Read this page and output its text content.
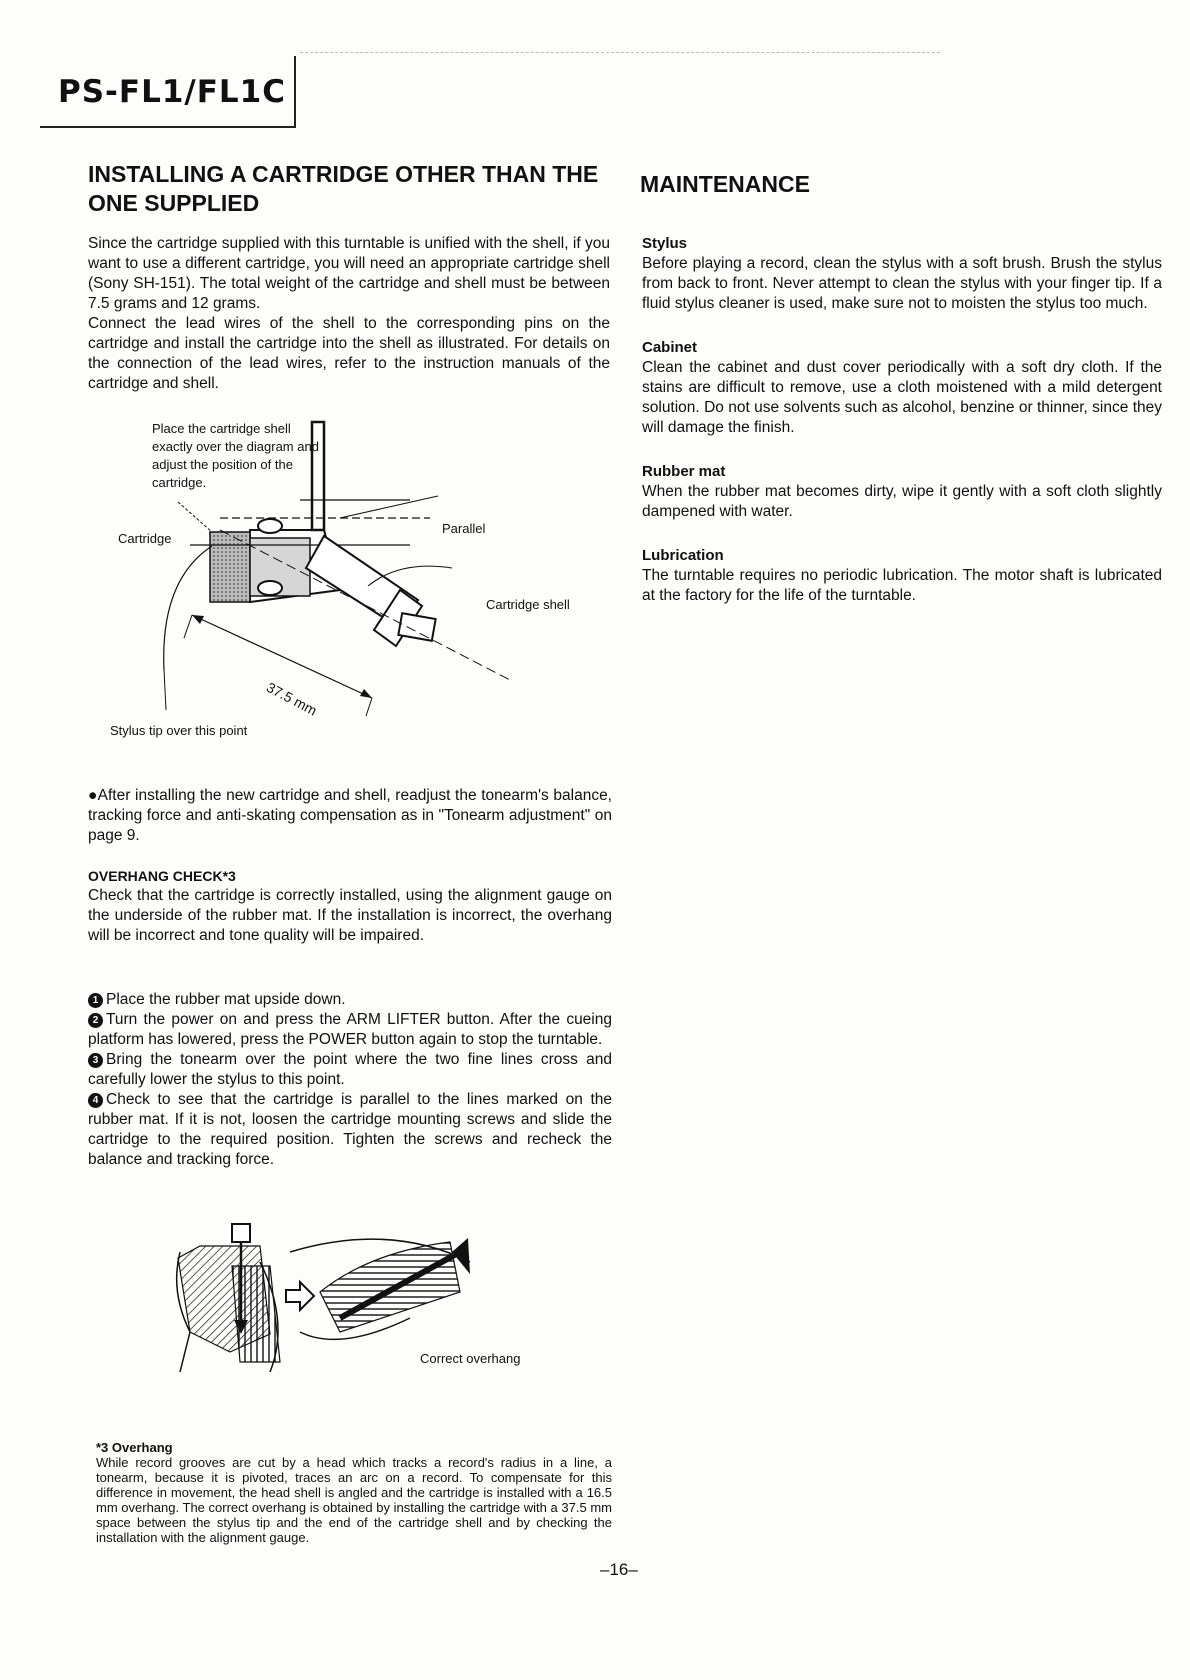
PS-FL1/FL1C
INSTALLING A CARTRIDGE OTHER THAN THE ONE SUPPLIED

Since the cartridge supplied with this turntable is unified with the shell, if you want to use a different cartridge, you will need an appropriate cartridge shell (Sony SH-151). The total weight of the cartridge and shell must be between 7.5 grams and 12 grams.

Connect the lead wires of the shell to the corresponding pins on the cartridge and install the cartridge into the shell as illustrated. For details on the connection of the lead wires, refer to the instruction manuals of the cartridge and shell.

Place the cartridge shell exactly over the diagram and adjust the position of the cartridge.
Cartridge
Parallel
Cartridge shell
37.5 mm
Stylus tip over this point

●After installing the new cartridge and shell, readjust the tonearm's balance, tracking force and anti-skating compensation as in "Tonearm adjustment" on page 9.

OVERHANG CHECK*3

Check that the cartridge is correctly installed, using the alignment gauge on the underside of the rubber mat. If the installation is incorrect, the overhang will be incorrect and tone quality will be impaired.

1 Place the rubber mat upside down.

2 Turn the power on and press the ARM LIFTER button. After the cueing platform has lowered, press the POWER button again to stop the turntable.

3 Bring the tonearm over the point where the two fine lines cross and carefully lower the stylus to this point.

4 Check to see that the cartridge is parallel to the lines marked on the rubber mat. If it is not, loosen the cartridge mounting screws and slide the cartridge to the required position. Tighten the screws and recheck the balance and tracking force.

Correct overhang
*3 Overhang

While record grooves are cut by a head which tracks a record's radius in a line, a tonearm, because it is pivoted, traces an arc on a record. To compensate for this difference in movement, the head shell is angled and the cartridge is installed with a 16.5 mm overhang. The correct overhang is obtained by installing the cartridge with a 37.5 mm space between the stylus tip and the end of the cartridge shell and by checking the installation with the alignment gauge.

MAINTENANCE
Stylus

Before playing a record, clean the stylus with a soft brush. Brush the stylus from back to front. Never attempt to clean the stylus with your finger tip. If a fluid stylus cleaner is used, make sure not to moisten the stylus too much.

Cabinet

Clean the cabinet and dust cover periodically with a soft dry cloth. If the stains are difficult to remove, use a cloth moistened with a mild detergent solution. Do not use solvents such as alcohol, benzine or thinner, since they will damage the finish.

Rubber mat

When the rubber mat becomes dirty, wipe it gently with a soft cloth slightly dampened with water.

Lubrication

The turntable requires no periodic lubrication. The motor shaft is lubricated at the factory for the life of the turntable.

–16–
